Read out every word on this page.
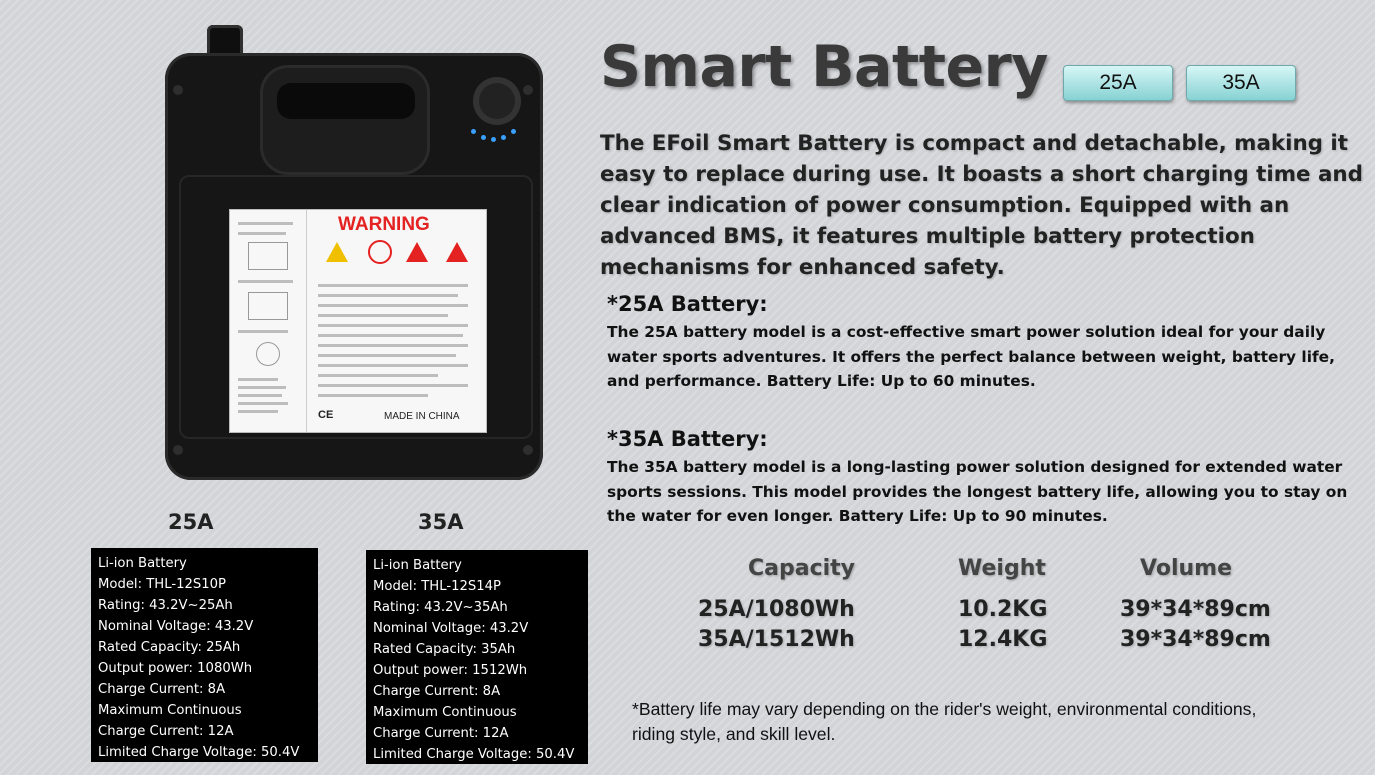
WARNING
CE	MADE IN CHINA
25A	35A
Li-ion Battery
Model: THL-12S10P
Rating: 43.2V~25Ah
Nominal Voltage: 43.2V
Rated Capacity: 25Ah
Output power: 1080Wh
Charge Current: 8A
Maximum Continuous
Charge Current: 12A
Limited Charge Voltage: 50.4V
Li-ion Battery
Model: THL-12S14P
Rating: 43.2V~35Ah
Nominal Voltage: 43.2V
Rated Capacity: 35Ah
Output power: 1512Wh
Charge Current: 8A
Maximum Continuous
Charge Current: 12A
Limited Charge Voltage: 50.4V
Smart Battery	25A	35A
The EFoil Smart Battery is compact and detachable, making it easy to replace during use. It boasts a short charging time and clear indication of power consumption. Equipped with an advanced BMS, it features multiple battery protection mechanisms for enhanced safety.
*25A Battery:
The 25A battery model is a cost-effective smart power solution ideal for your daily water sports adventures. It offers the perfect balance between weight, battery life, and performance. Battery Life: Up to 60 minutes.
*35A Battery:
The 35A battery model is a long-lasting power solution designed for extended water sports sessions. This model provides the longest battery life, allowing you to stay on the water for even longer. Battery Life: Up to 90 minutes.
Capacity	Weight	Volume
25A/1080Wh	10.2KG	39*34*89cm
35A/1512Wh	12.4KG	39*34*89cm
*Battery life may vary depending on the rider's weight, environmental conditions, riding style, and skill level.
